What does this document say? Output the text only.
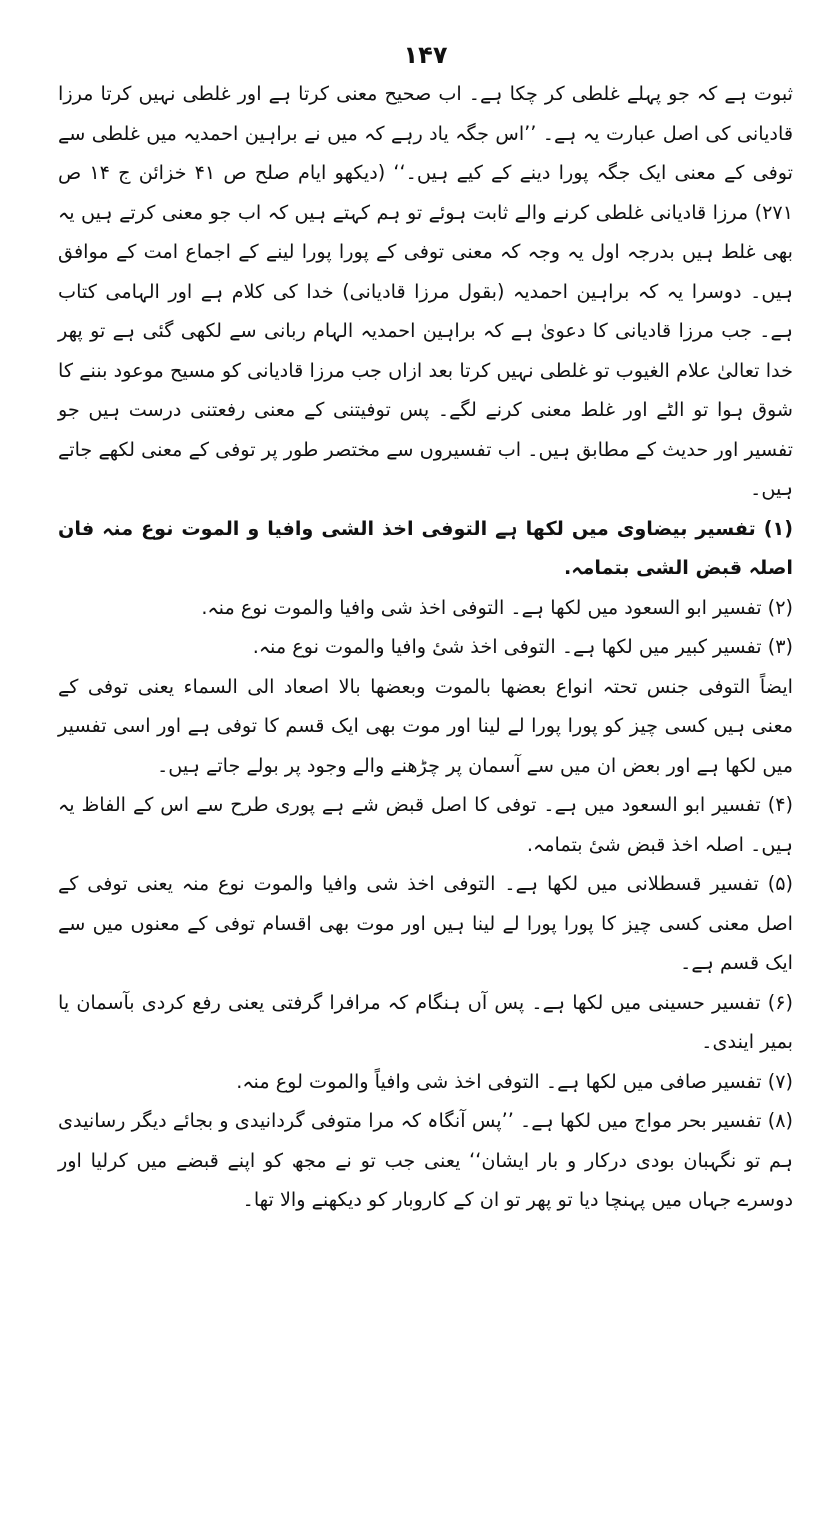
۱۴۷

ثبوت ہے کہ جو پہلے غلطی کر چکا ہے۔ اب صحیح معنی کرتا ہے اور غلطی نہیں کرتا مرزا قادیانی کی اصل عبارت یہ ہے۔ ’’اس جگہ یاد رہے کہ میں نے براہین احمدیہ میں غلطی سے توفی کے معنی ایک جگہ پورا دینے کے کیے ہیں۔‘‘ (دیکھو ایام صلح ص ۴۱ خزائن ج ۱۴ ص ۲۷۱) مرزا قادیانی غلطی کرنے والے ثابت ہوئے تو ہم کہتے ہیں کہ اب جو معنی کرتے ہیں یہ بھی غلط ہیں بدرجہ اول یہ وجہ کہ معنی توفی کے پورا پورا لینے کے اجماع امت کے موافق ہیں۔ دوسرا یہ کہ براہین احمدیہ (بقول مرزا قادیانی) خدا کی کلام ہے اور الہامی کتاب ہے۔ جب مرزا قادیانی کا دعویٰ ہے کہ براہین احمدیہ الہام ربانی سے لکھی گئی ہے تو پھر خدا تعالیٰ علام الغیوب تو غلطی نہیں کرتا بعد ازاں جب مرزا قادیانی کو مسیح موعود بننے کا شوق ہوا تو الٹے اور غلط معنی کرنے لگے۔ پس توفیتنی کے معنی رفعتنی درست ہیں جو تفسیر اور حدیث کے مطابق ہیں۔ اب تفسیروں سے مختصر طور پر توفی کے معنی لکھے جاتے ہیں۔

(۱) تفسیر بیضاوی میں لکھا ہے التوفی اخذ الشی وافیا و الموت نوع منہ فان اصلہ قبض الشی بتمامہ.

(۲) تفسیر ابو السعود میں لکھا ہے۔ التوفی اخذ شی وافیا والموت نوع منہ.

(۳) تفسیر کبیر میں لکھا ہے۔ التوفی اخذ شیٔ وافیا والموت نوع منہ.

ایضاً التوفی جنس تحتہ انواع بعضھا بالموت وبعضھا بالا اصعاد الی السماء یعنی توفی کے معنی ہیں کسی چیز کو پورا پورا لے لینا اور موت بھی ایک قسم کا توفی ہے اور اسی تفسیر میں لکھا ہے اور بعض ان میں سے آسمان پر چڑھنے والے وجود پر بولے جاتے ہیں۔

(۴) تفسیر ابو السعود میں ہے۔ توفی کا اصل قبض شے ہے پوری طرح سے اس کے الفاظ یہ ہیں۔ اصلہ اخذ قبض شیٔ بتمامہ.

(۵) تفسیر قسطلانی میں لکھا ہے۔ التوفی اخذ شی وافیا والموت نوع منہ یعنی توفی کے اصل معنی کسی چیز کا پورا پورا لے لینا ہیں اور موت بھی اقسام توفی کے معنوں میں سے ایک قسم ہے۔

(۶) تفسیر حسینی میں لکھا ہے۔ پس آں ہنگام کہ مرافرا گرفتی یعنی رفع کردی بآسمان یا بمیر ایندی۔

(۷) تفسیر صافی میں لکھا ہے۔ التوفی اخذ شی وافیاً والموت لوع منہ.

(۸) تفسیر بحر مواج میں لکھا ہے۔ ’’پس آنگاہ کہ مرا متوفی گردانیدی و بجائے دیگر رسانیدی ہم تو نگہبان بودی درکار و بار ایشان‘‘ یعنی جب تو نے مجھ کو اپنے قبضے میں کرلیا اور دوسرے جہاں میں پہنچا دیا تو پھر تو ان کے کاروبار کو دیکھنے والا تھا۔
